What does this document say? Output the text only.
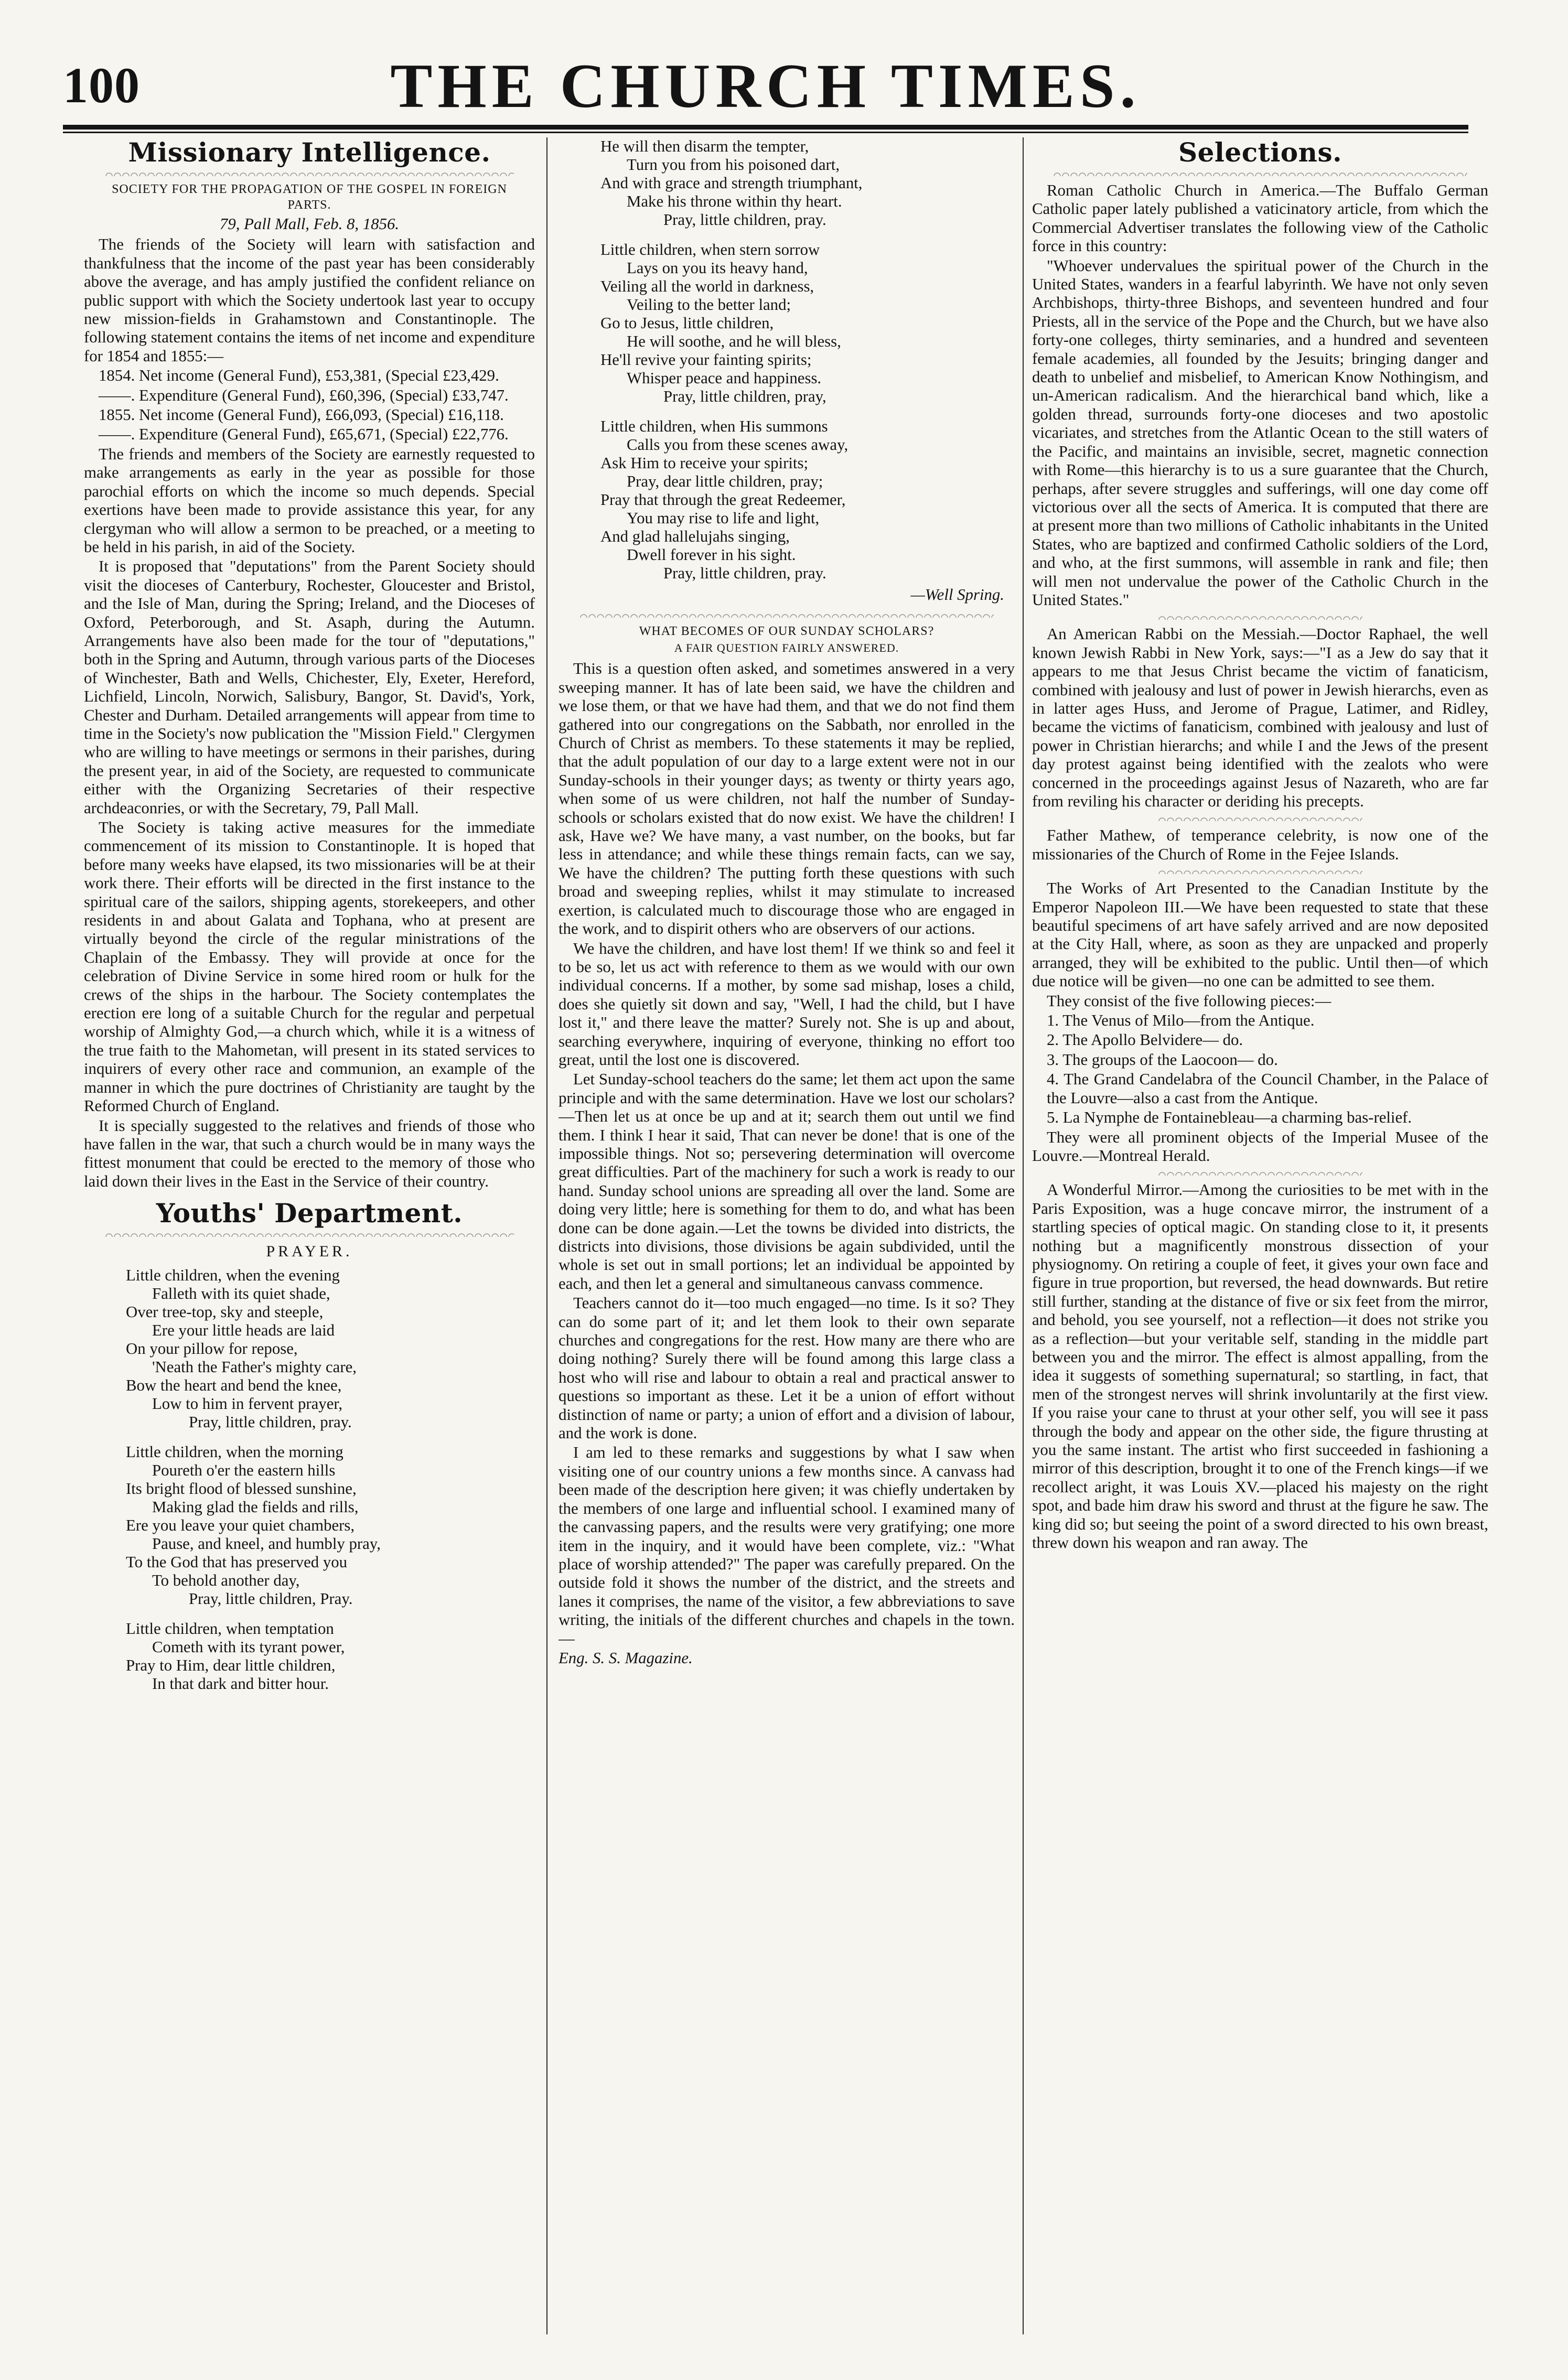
100	THE CHURCH TIMES.
Missionary Intelligence.
SOCIETY FOR THE PROPAGATION OF THE GOSPEL IN FOREIGN PARTS.
79, Pall Mall, Feb. 8, 1856.

The friends of the Society will learn with satisfaction and thankfulness that the income of the past year has been considerably above the average, and has amply justified the confident reliance on public support with which the Society undertook last year to occupy new mission-fields in Grahamstown and Constantinople. The following statement contains the items of net income and expenditure for 1854 and 1855:—

1854. Net income (General Fund), £53,381, (Special £23,429.

——. Expenditure (General Fund), £60,396, (Special) £33,747.

1855. Net income (General Fund), £66,093, (Special) £16,118.

——. Expenditure (General Fund), £65,671, (Special) £22,776.

The friends and members of the Society are earnestly requested to make arrangements as early in the year as possible for those parochial efforts on which the income so much depends. Special exertions have been made to provide assistance this year, for any clergyman who will allow a sermon to be preached, or a meeting to be held in his parish, in aid of the Society.

It is proposed that "deputations" from the Parent Society should visit the dioceses of Canterbury, Rochester, Gloucester and Bristol, and the Isle of Man, during the Spring; Ireland, and the Dioceses of Oxford, Peterborough, and St. Asaph, during the Autumn. Arrangements have also been made for the tour of "deputations," both in the Spring and Autumn, through various parts of the Dioceses of Winchester, Bath and Wells, Chichester, Ely, Exeter, Hereford, Lichfield, Lincoln, Norwich, Salisbury, Bangor, St. David's, York, Chester and Durham. Detailed arrangements will appear from time to time in the Society's now publication the "Mission Field." Clergymen who are willing to have meetings or sermons in their parishes, during the present year, in aid of the Society, are requested to communicate either with the Organizing Secretaries of their respective archdeaconries, or with the Secretary, 79, Pall Mall.

The Society is taking active measures for the immediate commencement of its mission to Constantinople. It is hoped that before many weeks have elapsed, its two missionaries will be at their work there. Their efforts will be directed in the first instance to the spiritual care of the sailors, shipping agents, storekeepers, and other residents in and about Galata and Tophana, who at present are virtually beyond the circle of the regular ministrations of the Chaplain of the Embassy. They will provide at once for the celebration of Divine Service in some hired room or hulk for the crews of the ships in the harbour. The Society contemplates the erection ere long of a suitable Church for the regular and perpetual worship of Almighty God,—a church which, while it is a witness of the true faith to the Mahometan, will present in its stated services to inquirers of every other race and communion, an example of the manner in which the pure doctrines of Christianity are taught by the Reformed Church of England.

It is specially suggested to the relatives and friends of those who have fallen in the war, that such a church would be in many ways the fittest monument that could be erected to the memory of those who laid down their lives in the East in the Service of their country.

Youths' Department.
PRAYER.
Little children, when the evening
Falleth with its quiet shade,
Over tree-top, sky and steeple,
Ere your little heads are laid
On your pillow for repose,
'Neath the Father's mighty care,
Bow the heart and bend the knee,
Low to him in fervent prayer,
Pray, little children, pray.
Little children, when the morning
Poureth o'er the eastern hills
Its bright flood of blessed sunshine,
Making glad the fields and rills,
Ere you leave your quiet chambers,
Pause, and kneel, and humbly pray,
To the God that has preserved you
To behold another day,
Pray, little children, Pray.
Little children, when temptation
Cometh with its tyrant power,
Pray to Him, dear little children,
In that dark and bitter hour.
He will then disarm the tempter,
Turn you from his poisoned dart,
And with grace and strength triumphant,
Make his throne within thy heart.
Pray, little children, pray.
Little children, when stern sorrow
Lays on you its heavy hand,
Veiling all the world in darkness,
Veiling to the better land;
Go to Jesus, little children,
He will soothe, and he will bless,
He'll revive your fainting spirits;
Whisper peace and happiness.
Pray, little children, pray,
Little children, when His summons
Calls you from these scenes away,
Ask Him to receive your spirits;
Pray, dear little children, pray;
Pray that through the great Redeemer,
You may rise to life and light,
And glad hallelujahs singing,
Dwell forever in his sight.
Pray, little children, pray.
—Well Spring.
WHAT BECOMES OF OUR SUNDAY SCHOLARS?
A FAIR QUESTION FAIRLY ANSWERED.

This is a question often asked, and sometimes answered in a very sweeping manner. It has of late been said, we have the children and we lose them, or that we have had them, and that we do not find them gathered into our congregations on the Sabbath, nor enrolled in the Church of Christ as members. To these statements it may be replied, that the adult population of our day to a large extent were not in our Sunday-schools in their younger days; as twenty or thirty years ago, when some of us were children, not half the number of Sunday-schools or scholars existed that do now exist. We have the children! I ask, Have we? We have many, a vast number, on the books, but far less in attendance; and while these things remain facts, can we say, We have the children? The putting forth these questions with such broad and sweeping replies, whilst it may stimulate to increased exertion, is calculated much to discourage those who are engaged in the work, and to dispirit others who are observers of our actions.

We have the children, and have lost them! If we think so and feel it to be so, let us act with reference to them as we would with our own individual concerns. If a mother, by some sad mishap, loses a child, does she quietly sit down and say, "Well, I had the child, but I have lost it," and there leave the matter? Surely not. She is up and about, searching everywhere, inquiring of everyone, thinking no effort too great, until the lost one is discovered.

Let Sunday-school teachers do the same; let them act upon the same principle and with the same determination. Have we lost our scholars?—Then let us at once be up and at it; search them out until we find them. I think I hear it said, That can never be done! that is one of the impossible things. Not so; persevering determination will overcome great difficulties. Part of the machinery for such a work is ready to our hand. Sunday school unions are spreading all over the land. Some are doing very little; here is something for them to do, and what has been done can be done again.—Let the towns be divided into districts, the districts into divisions, those divisions be again subdivided, until the whole is set out in small portions; let an individual be appointed by each, and then let a general and simultaneous canvass commence.

Teachers cannot do it—too much engaged—no time. Is it so? They can do some part of it; and let them look to their own separate churches and congregations for the rest. How many are there who are doing nothing? Surely there will be found among this large class a host who will rise and labour to obtain a real and practical answer to questions so important as these. Let it be a union of effort without distinction of name or party; a union of effort and a division of labour, and the work is done.

I am led to these remarks and suggestions by what I saw when visiting one of our country unions a few months since. A canvass had been made of the description here given; it was chiefly undertaken by the members of one large and influential school. I examined many of the canvassing papers, and the results were very gratifying; one more item in the inquiry, and it would have been complete, viz.: "What place of worship attended?" The paper was carefully prepared. On the outside fold it shows the number of the district, and the streets and lanes it comprises, the name of the visitor, a few abbreviations to save writing, the initials of the different churches and chapels in the town.—

Eng. S. S. Magazine.

Selections.

Roman Catholic Church in America.—The Buffalo German Catholic paper lately published a vaticinatory article, from which the Commercial Advertiser translates the following view of the Catholic force in this country:

"Whoever undervalues the spiritual power of the Church in the United States, wanders in a fearful labyrinth. We have not only seven Archbishops, thirty-three Bishops, and seventeen hundred and four Priests, all in the service of the Pope and the Church, but we have also forty-one colleges, thirty seminaries, and a hundred and seventeen female academies, all founded by the Jesuits; bringing danger and death to unbelief and misbelief, to American Know Nothingism, and un-American radicalism. And the hierarchical band which, like a golden thread, surrounds forty-one dioceses and two apostolic vicariates, and stretches from the Atlantic Ocean to the still waters of the Pacific, and maintains an invisible, secret, magnetic connection with Rome—this hierarchy is to us a sure guarantee that the Church, perhaps, after severe struggles and sufferings, will one day come off victorious over all the sects of America. It is computed that there are at present more than two millions of Catholic inhabitants in the United States, who are baptized and confirmed Catholic soldiers of the Lord, and who, at the first summons, will assemble in rank and file; then will men not undervalue the power of the Catholic Church in the United States."

An American Rabbi on the Messiah.—Doctor Raphael, the well known Jewish Rabbi in New York, says:—"I as a Jew do say that it appears to me that Jesus Christ became the victim of fanaticism, combined with jealousy and lust of power in Jewish hierarchs, even as in latter ages Huss, and Jerome of Prague, Latimer, and Ridley, became the victims of fanaticism, combined with jealousy and lust of power in Christian hierarchs; and while I and the Jews of the present day protest against being identified with the zealots who were concerned in the proceedings against Jesus of Nazareth, who are far from reviling his character or deriding his precepts.

Father Mathew, of temperance celebrity, is now one of the missionaries of the Church of Rome in the Fejee Islands.

The Works of Art Presented to the Canadian Institute by the Emperor Napoleon III.—We have been requested to state that these beautiful specimens of art have safely arrived and are now deposited at the City Hall, where, as soon as they are unpacked and properly arranged, they will be exhibited to the public. Until then—of which due notice will be given—no one can be admitted to see them.

They consist of the five following pieces:—

1. The Venus of Milo—from the Antique.

2. The Apollo Belvidere— do.

3. The groups of the Laocoon— do.

4. The Grand Candelabra of the Council Chamber, in the Palace of the Louvre—also a cast from the Antique.

5. La Nymphe de Fontainebleau—a charming bas-relief.

They were all prominent objects of the Imperial Musee of the Louvre.—Montreal Herald.

A Wonderful Mirror.—Among the curiosities to be met with in the Paris Exposition, was a huge concave mirror, the instrument of a startling species of optical magic. On standing close to it, it presents nothing but a magnificently monstrous dissection of your physiognomy. On retiring a couple of feet, it gives your own face and figure in true proportion, but reversed, the head downwards. But retire still further, standing at the distance of five or six feet from the mirror, and behold, you see yourself, not a reflection—it does not strike you as a reflection—but your veritable self, standing in the middle part between you and the mirror. The effect is almost appalling, from the idea it suggests of something supernatural; so startling, in fact, that men of the strongest nerves will shrink involuntarily at the first view. If you raise your cane to thrust at your other self, you will see it pass through the body and appear on the other side, the figure thrusting at you the same instant. The artist who first succeeded in fashioning a mirror of this description, brought it to one of the French kings—if we recollect aright, it was Louis XV.—placed his majesty on the right spot, and bade him draw his sword and thrust at the figure he saw. The king did so; but seeing the point of a sword directed to his own breast, threw down his weapon and ran away. The
